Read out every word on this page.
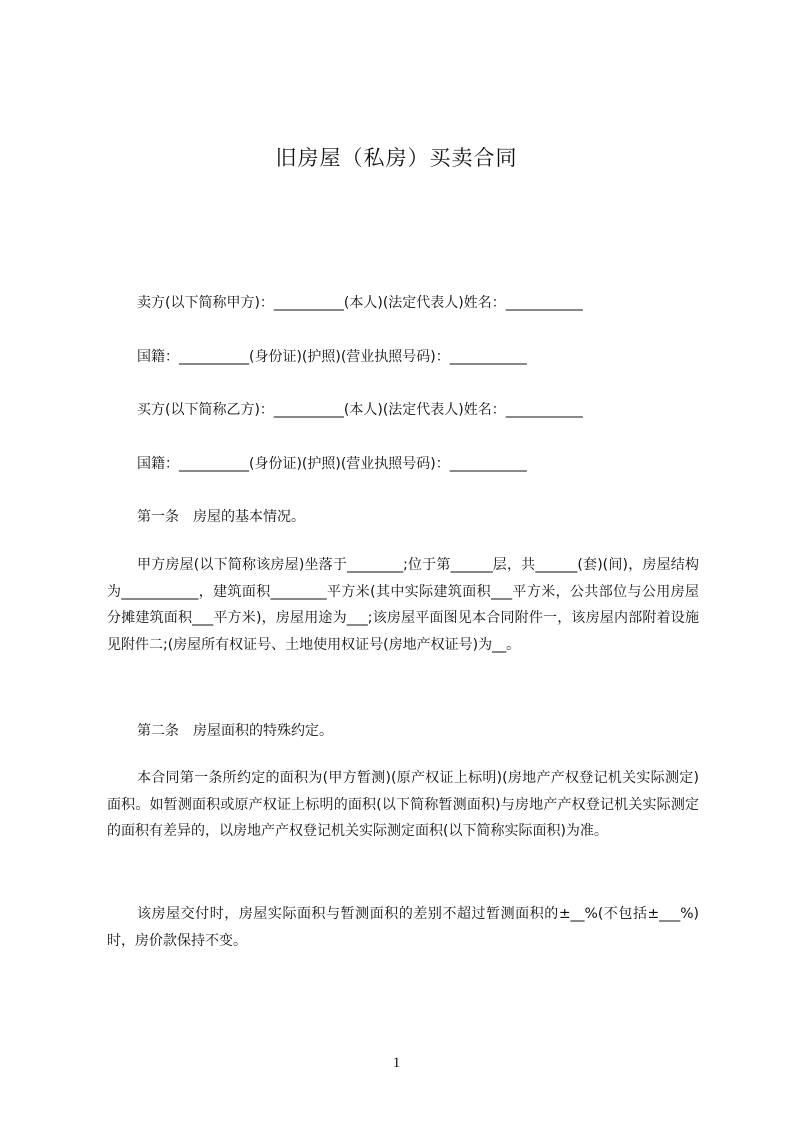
旧房屋（私房）买卖合同
卖方(以下简称甲方)：__________(本人)(法定代表人)姓名：___________
国籍：__________(身份证)(护照)(营业执照号码)：___________
买方(以下简称乙方)：__________(本人)(法定代表人)姓名：___________
国籍：__________(身份证)(护照)(营业执照号码)：___________
第一条　房屋的基本情况。
甲方房屋(以下简称该房屋)坐落于________;位于第______层，共______(套)(间)，房屋结构为___________，建筑面积________平方米(其中实际建筑面积___平方米，公共部位与公用房屋分摊建筑面积___平方米)，房屋用途为___;该房屋平面图见本合同附件一，该房屋内部附着设施见附件二;(房屋所有权证号、土地使用权证号(房地产权证号)为__。
第二条　房屋面积的特殊约定。
本合同第一条所约定的面积为(甲方暂测)(原产权证上标明)(房地产产权登记机关实际测定)面积。如暂测面积或原产权证上标明的面积(以下简称暂测面积)与房地产产权登记机关实际测定的面积有差异的，以房地产产权登记机关实际测定面积(以下简称实际面积)为准。
该房屋交付时，房屋实际面积与暂测面积的差别不超过暂测面积的±__%(不包括±___%)时，房价款保持不变。
1
